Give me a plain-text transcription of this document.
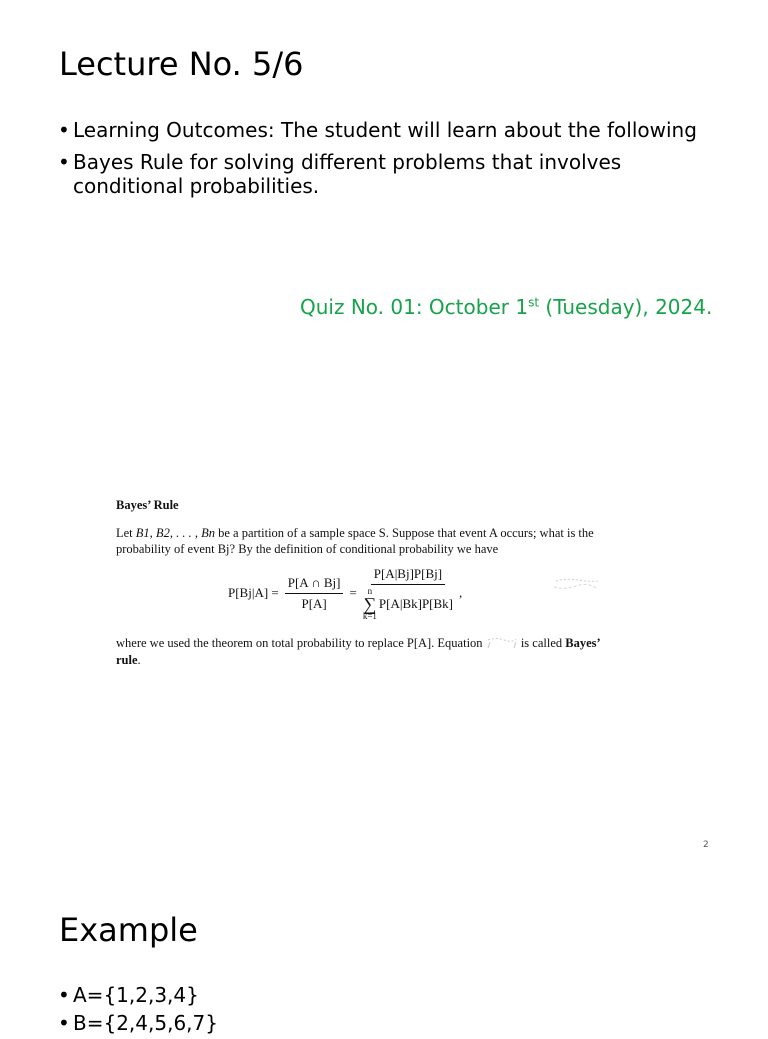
Lecture No. 5/6
• Learning Outcomes: The student will learn about the following
• Bayes Rule for solving different problems that involves conditional probabilities.
Quiz No. 01: October 1st (Tuesday), 2024.

Bayes’ Rule

Let B1, B2, . . . , Bn be a partition of a sample space S. Suppose that event A occurs; what is the probability of event Bj? By the definition of conditional probability we have

$P[Bj|A] = \frac{P[A \cap Bj]}{P[A]}$ =
P[A|Bj]P[Bj]
n
∑
k=1
P[A|Bk]P[Bk]
,

where we used the theorem on total probability to replace P[A]. Equation	is called Bayes’ rule.

2
Example
• A={1,2,3,4}
• B={2,4,5,6,7}
